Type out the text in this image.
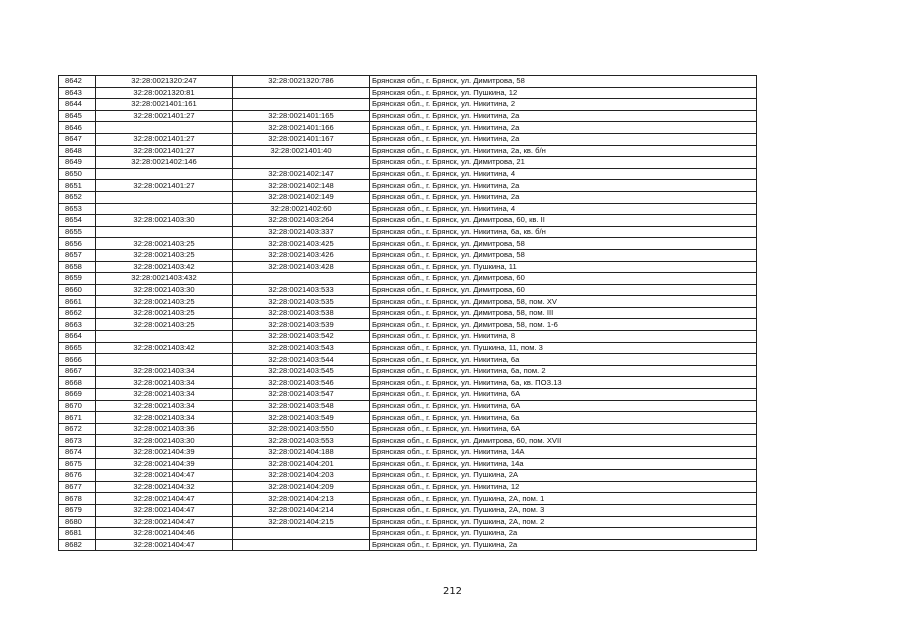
8642	32:28:0021320:247	32:28:0021320:786	Брянская обл., г. Брянск, ул. Димитрова, 58
8643	32:28:0021320:81		Брянская обл., г. Брянск, ул. Пушкина, 12
8644	32:28:0021401:161		Брянская обл., г. Брянск, ул. Никитина, 2
8645	32:28:0021401:27	32:28:0021401:165	Брянская обл., г. Брянск, ул. Никитина, 2а
8646		32:28:0021401:166	Брянская обл., г. Брянск, ул. Никитина, 2а
8647	32:28:0021401:27	32:28:0021401:167	Брянская обл., г. Брянск, ул. Никитина, 2а
8648	32:28:0021401:27	32:28:0021401:40	Брянская обл., г. Брянск, ул. Никитина, 2а, кв. б/н
8649	32:28:0021402:146		Брянская обл., г. Брянск, ул. Димитрова, 21
8650		32:28:0021402:147	Брянская обл., г. Брянск, ул. Никитина, 4
8651	32:28:0021401:27	32:28:0021402:148	Брянская обл., г. Брянск, ул. Никитина, 2а
8652		32:28:0021402:149	Брянская обл., г. Брянск, ул. Никитина, 2а
8653		32:28:0021402:60	Брянская обл., г. Брянск, ул. Никитина, 4
8654	32:28:0021403:30	32:28:0021403:264	Брянская обл., г. Брянск, ул. Димитрова, 60, кв. II
8655		32:28:0021403:337	Брянская обл., г. Брянск, ул. Никитина, 6а, кв. б/н
8656	32:28:0021403:25	32:28:0021403:425	Брянская обл., г. Брянск, ул. Димитрова, 58
8657	32:28:0021403:25	32:28:0021403:426	Брянская обл., г. Брянск, ул. Димитрова, 58
8658	32:28:0021403:42	32:28:0021403:428	Брянская обл., г. Брянск, ул. Пушкина, 11
8659	32:28:0021403:432		Брянская обл., г. Брянск, ул. Димитрова, 60
8660	32:28:0021403:30	32:28:0021403:533	Брянская обл., г. Брянск, ул. Димитрова, 60
8661	32:28:0021403:25	32:28:0021403:535	Брянская обл., г. Брянск, ул. Димитрова, 58, пом. XV
8662	32:28:0021403:25	32:28:0021403:538	Брянская обл., г. Брянск, ул. Димитрова, 58, пом. III
8663	32:28:0021403:25	32:28:0021403:539	Брянская обл., г. Брянск, ул. Димитрова, 58, пом. 1-6
8664		32:28:0021403:542	Брянская обл., г. Брянск, ул. Никитина, 8
8665	32:28:0021403:42	32:28:0021403:543	Брянская обл., г. Брянск, ул. Пушкина, 11, пом. 3
8666		32:28:0021403:544	Брянская обл., г. Брянск, ул. Никитина, 6а
8667	32:28:0021403:34	32:28:0021403:545	Брянская обл., г. Брянск, ул. Никитина, 6а, пом. 2
8668	32:28:0021403:34	32:28:0021403:546	Брянская обл., г. Брянск, ул. Никитина, 6а, кв. ПОЗ.13
8669	32:28:0021403:34	32:28:0021403:547	Брянская обл., г. Брянск, ул. Никитина, 6А
8670	32:28:0021403:34	32:28:0021403:548	Брянская обл., г. Брянск, ул. Никитина, 6А
8671	32:28:0021403:34	32:28:0021403:549	Брянская обл., г. Брянск, ул. Никитина, 6а
8672	32:28:0021403:36	32:28:0021403:550	Брянская обл., г. Брянск, ул. Никитина, 6А
8673	32:28:0021403:30	32:28:0021403:553	Брянская обл., г. Брянск, ул. Димитрова, 60, пом. XVII
8674	32:28:0021404:39	32:28:0021404:188	Брянская обл., г. Брянск, ул. Никитина, 14А
8675	32:28:0021404:39	32:28:0021404:201	Брянская обл., г. Брянск, ул. Никитина, 14а
8676	32:28:0021404:47	32:28:0021404:203	Брянская обл., г. Брянск, ул. Пушкина, 2А
8677	32:28:0021404:32	32:28:0021404:209	Брянская обл., г. Брянск, ул. Никитина, 12
8678	32:28:0021404:47	32:28:0021404:213	Брянская обл., г. Брянск, ул. Пушкина, 2А, пом. 1
8679	32:28:0021404:47	32:28:0021404:214	Брянская обл., г. Брянск, ул. Пушкина, 2А, пом. 3
8680	32:28:0021404:47	32:28:0021404:215	Брянская обл., г. Брянск, ул. Пушкина, 2А, пом. 2
8681	32:28:0021404:46		Брянская обл., г. Брянск, ул. Пушкина, 2а
8682	32:28:0021404:47		Брянская обл., г. Брянск, ул. Пушкина, 2а
212
